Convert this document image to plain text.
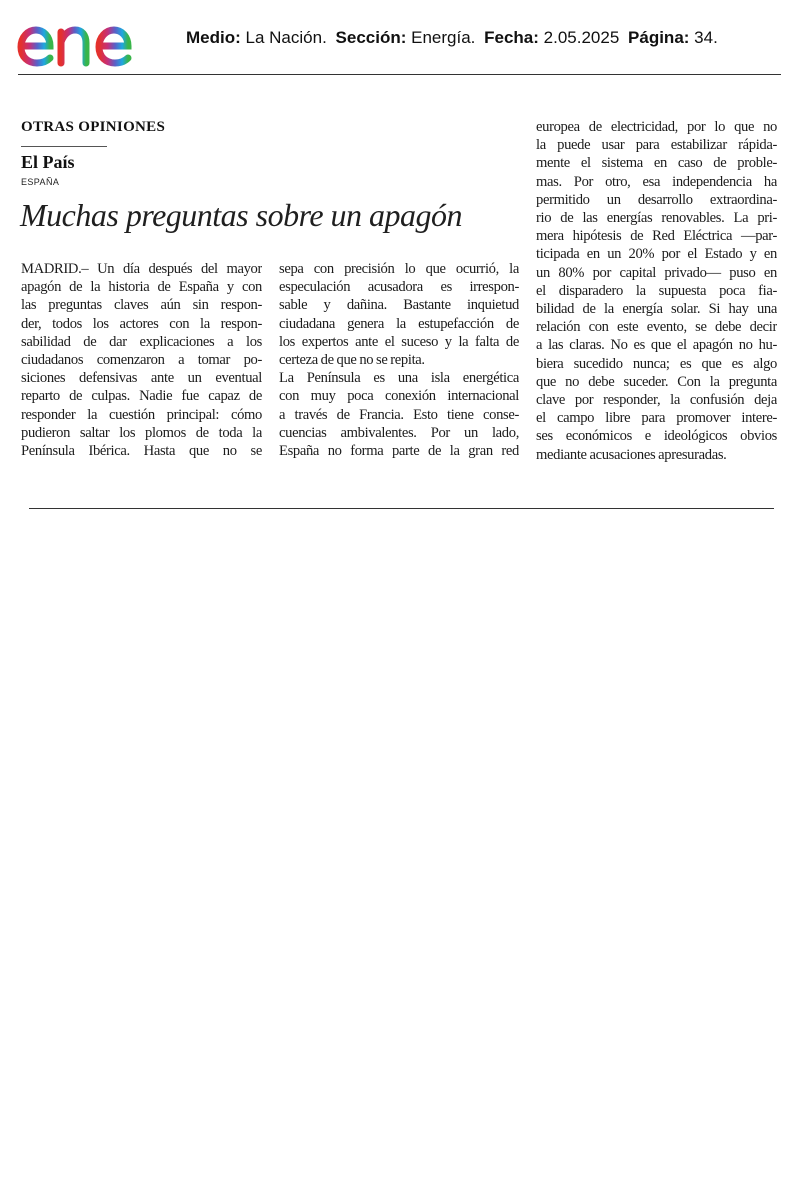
Medio: La Nación. Sección: Energía. Fecha: 2.05.2025 Página: 34.
OTRAS OPINIONES
El País
ESPAÑA
Muchas preguntas sobre un apagón
MADRID.– Un día después del mayor
apagón de la historia de España y con
las preguntas claves aún sin respon-
der, todos los actores con la respon-
sabilidad de dar explicaciones a los
ciudadanos comenzaron a tomar po-
siciones defensivas ante un eventual
reparto de culpas. Nadie fue capaz de
responder la cuestión principal: cómo
pudieron saltar los plomos de toda la
Península Ibérica. Hasta que no se
sepa con precisión lo que ocurrió, la
especulación acusadora es irrespon-
sable y dañina. Bastante inquietud
ciudadana genera la estupefacción de
los expertos ante el suceso y la falta de
certeza de que no se repita.
La Península es una isla energética
con muy poca conexión internacional
a través de Francia. Esto tiene conse-
cuencias ambivalentes. Por un lado,
España no forma parte de la gran red
europea de electricidad, por lo que no
la puede usar para estabilizar rápida-
mente el sistema en caso de proble-
mas. Por otro, esa independencia ha
permitido un desarrollo extraordina-
rio de las energías renovables. La pri-
mera hipótesis de Red Eléctrica —par-
ticipada en un 20% por el Estado y en
un 80% por capital privado— puso en
el disparadero la supuesta poca fia-
bilidad de la energía solar. Si hay una
relación con este evento, se debe decir
a las claras. No es que el apagón no hu-
biera sucedido nunca; es que es algo
que no debe suceder. Con la pregunta
clave por responder, la confusión deja
el campo libre para promover intere-
ses económicos e ideológicos obvios
mediante acusaciones apresuradas.
